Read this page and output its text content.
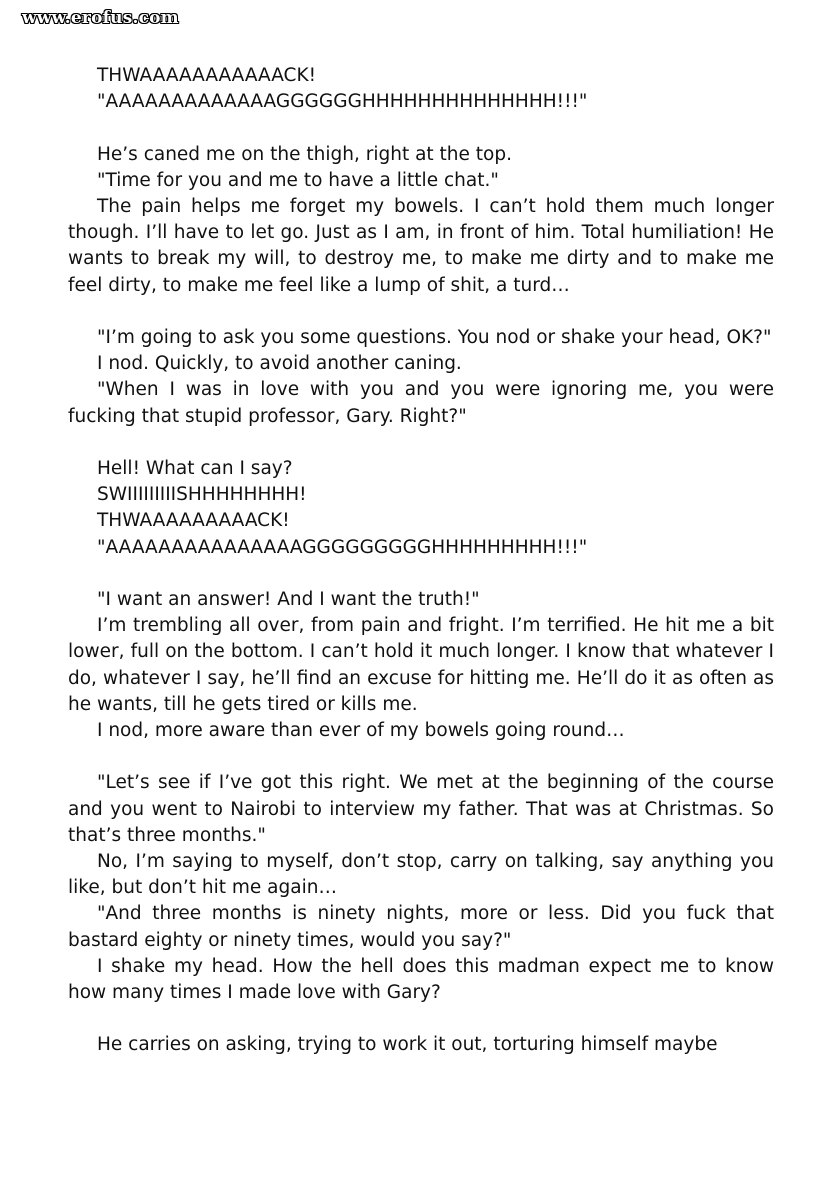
www.erofus.com

THWAAAAAAAAAAACK!

"AAAAAAAAAAAAAGGGGGGHHHHHHHHHHHHHH!!!"

He’s caned me on the thigh, right at the top.

"Time for you and me to have a little chat."

The pain helps me forget my bowels. I can’t hold them much longer though. I’ll have to let go. Just as I am, in front of him. Total humiliation! He wants to break my will, to destroy me, to make me dirty and to make me feel dirty, to make me feel like a lump of shit, a turd…

"I’m going to ask you some questions. You nod or shake your head, OK?"

I nod. Quickly, to avoid another caning.

"When I was in love with you and you were ignoring me, you were fucking that stupid professor, Gary. Right?"

Hell! What can I say?

SWIIIIIIIIISHHHHHHHH!

THWAAAAAAAAACK!

"AAAAAAAAAAAAAAAGGGGGGGGGHHHHHHHHH!!!"

"I want an answer! And I want the truth!"

I’m trembling all over, from pain and fright. I’m terrified. He hit me a bit lower, full on the bottom. I can’t hold it much longer. I know that whatever I do, whatever I say, he’ll find an excuse for hitting me. He’ll do it as often as he wants, till he gets tired or kills me.

I nod, more aware than ever of my bowels going round…

"Let’s see if I’ve got this right. We met at the beginning of the course and you went to Nairobi to interview my father. That was at Christmas. So that’s three months."

No, I’m saying to myself, don’t stop, carry on talking, say anything you like, but don’t hit me again…

"And three months is ninety nights, more or less. Did you fuck that bastard eighty or ninety times, would you say?"

I shake my head. How the hell does this madman expect me to know how many times I made love with Gary?

He carries on asking, trying to work it out, torturing himself maybe
